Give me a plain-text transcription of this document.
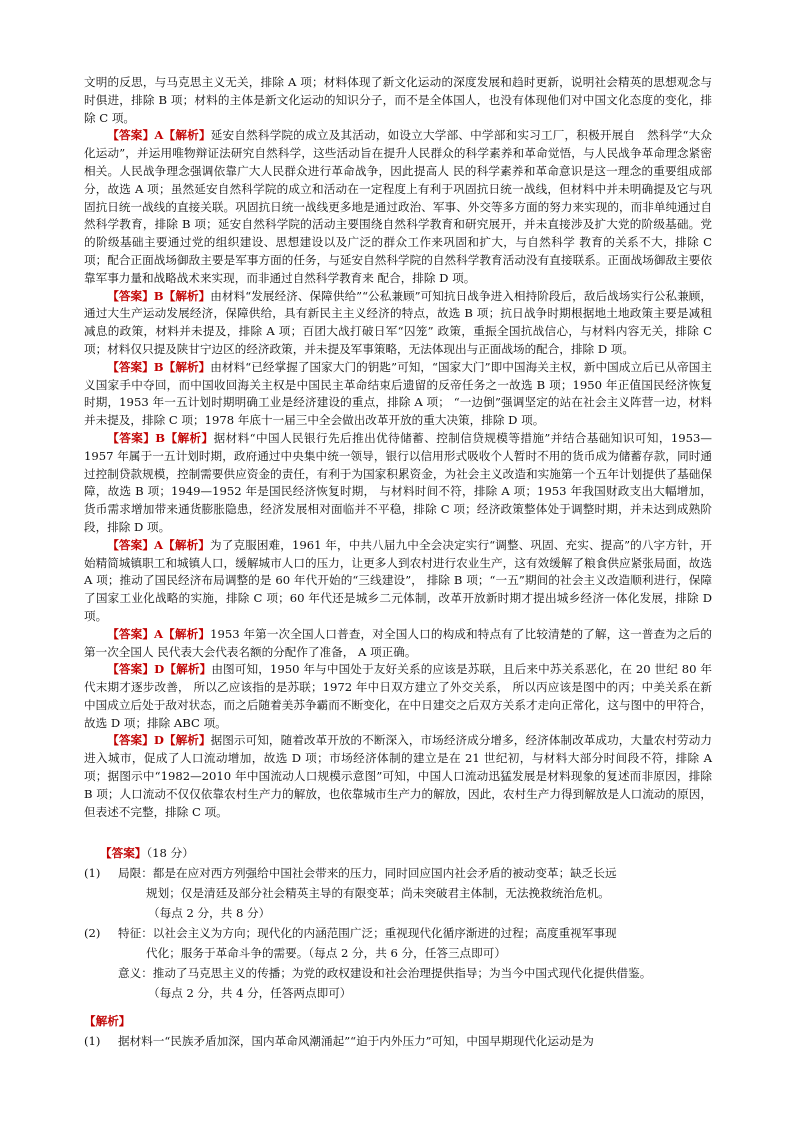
文明的反思，与马克思主义无关，排除 A 项；材料体现了新文化运动的深度发展和趋时更新，说明社会精英的思想观念与时俱进，排除 B 项；材料的主体是新文化运动的知识分子，而不是全体国人，也没有体现他们对中国文化态度的变化，排除 C 项。

【答案】A【解析】延安自然科学院的成立及其活动，如设立大学部、中学部和实习工厂，积极开展自　然科学“大众化运动”，并运用唯物辩证法研究自然科学，这些活动旨在提升人民群众的科学素养和革命觉悟，与人民战争革命理念紧密相关。人民战争理念强调依靠广大人民群众进行革命战争，因此提高人 民的科学素养和革命意识是这一理念的重要组成部分，故选 A 项；虽然延安自然科学院的成立和活动在一定程度上有利于巩固抗日统一战线，但材料中并未明确提及它与巩固抗日统一战线的直接关联。巩固抗日统一战线更多地是通过政治、军事、外交等多方面的努力来实现的，而非单纯通过自然科学教育，排除 B 项；延安自然科学院的活动主要围绕自然科学教育和研究展开，并未直接涉及扩大党的阶级基础。党的阶级基础主要通过党的组织建设、思想建设以及广泛的群众工作来巩固和扩大，与自然科学 教育的关系不大，排除 C 项；配合正面战场御敌主要是军事方面的任务，与延安自然科学院的自然科学教育活动没有直接联系。正面战场御敌主要依靠军事力量和战略战术来实现，而非通过自然科学教育来 配合，排除 D 项。

【答案】B【解析】由材料“发展经济、保障供给”“公私兼顾”可知抗日战争进入相持阶段后，敌后战场实行公私兼顾，通过大生产运动发展经济，保障供给，具有新民主主义经济的特点，故选 B 项；抗日战争时期根据地土地政策主要是减租减息的政策，材料并未提及，排除 A 项；百团大战打破日军“囚笼” 政策，重振全国抗战信心，与材料内容无关，排除 C 项；材料仅只提及陕甘宁边区的经济政策，并未提及军事策略，无法体现出与正面战场的配合，排除 D 项。

【答案】B【解析】由材料“已经掌握了国家大门的钥匙”可知，“国家大门”即中国海关主权，新中国成立后已从帝国主义国家手中夺回，而中国收回海关主权是中国民主革命结束后遗留的反帝任务之一故选 B 项；1950 年正值国民经济恢复时期，1953 年一五计划时期明确工业是经济建设的重点，排除 A 项； “一边倒”强调坚定的站在社会主义阵营一边，材料并未提及，排除 C 项；1978 年底十一届三中全会做出改革开放的重大决策，排除 D 项。

【答案】B【解析】据材料“中国人民银行先后推出优待储蓄、控制信贷规模等措施”并结合基础知识可知，1953—1957 年属于一五计划时期，政府通过中央集中统一领导，银行以信用形式吸收个人暂时不用的货币成为储蓄存款，同时通过控制贷款规模，控制需要供应资金的责任，有利于为国家积累资金，为社会主义改造和实施第一个五年计划提供了基础保障，故选 B 项；1949—1952 年是国民经济恢复时期， 与材料时间不符，排除 A 项；1953 年我国财政支出大幅增加，货币需求增加带来通货膨胀隐患，经济发展相对面临并不平稳，排除 C 项；经济政策整体处于调整时期，并未达到成熟阶段，排除 D 项。

【答案】A【解析】为了克服困难，1961 年，中共八届九中全会决定实行“调整、巩固、充实、提高”的八字方针，开始精简城镇职工和城镇人口，缓解城市人口的压力，让更多人到农村进行农业生产，这有效缓解了粮食供应紧张局面，故选 A 项；推动了国民经济布局调整的是 60 年代开始的“三线建设”， 排除 B 项；“一五”期间的社会主义改造顺利进行，保障了国家工业化战略的实施，排除 C 项；60 年代还是城乡二元体制，改革开放新时期才提出城乡经济一体化发展，排除 D 项。

【答案】A【解析】1953 年第一次全国人口普查，对全国人口的构成和特点有了比较清楚的了解，这一普查为之后的第一次全国人 民代表大会代表名额的分配作了准备， A 项正确。

【答案】D【解析】由图可知，1950 年与中国处于友好关系的应该是苏联，且后来中苏关系恶化，在 20 世纪 80 年代末期才逐步改善， 所以乙应该指的是苏联；1972 年中日双方建立了外交关系， 所以丙应该是图中的丙；中美关系在新中国成立后处于敌对状态，而之后随着美苏争霸而不断变化，在中日建交之后双方关系才走向正常化，这与图中的甲符合，故选 D 项；排除 ABC 项。

【答案】D【解析】据图示可知，随着改革开放的不断深入，市场经济成分增多，经济体制改革成功，大量农村劳动力进入城市，促成了人口流动增加，故选 D 项；市场经济体制的建立是在 21 世纪初，与材料大部分时间段不符，排除 A 项；据图示中“1982—2010 年中国流动人口规模示意图”可知，中国人口流动迅猛发展是材料现象的复述而非原因，排除 B 项；人口流动不仅仅依靠农村生产力的解放，也依靠城市生产力的解放，因此，农村生产力得到解放是人口流动的原因，但表述不完整，排除 C 项。

【答案】（18 分）

(1) 局限：都是在应对西方列强给中国社会带来的压力，同时回应国内社会矛盾的被动变革；缺乏长远

规划；仅是清廷及部分社会精英主导的有限变革；尚未突破君主体制，无法挽救统治危机。

（每点 2 分，共 8 分）

(2) 特征：以社会主义为方向；现代化的内涵范围广泛；重视现代化循序渐进的过程；高度重视军事现

代化；服务于革命斗争的需要。（每点 2 分，共 6 分，任答三点即可）

意义：推动了马克思主义的传播；为党的政权建设和社会治理提供指导；为当今中国式现代化提供借鉴。

（每点 2 分，共 4 分，任答两点即可）

【解析】

(1) 据材料一“民族矛盾加深，国内革命风潮涌起”“迫于内外压力”可知，中国早期现代化运动是为
